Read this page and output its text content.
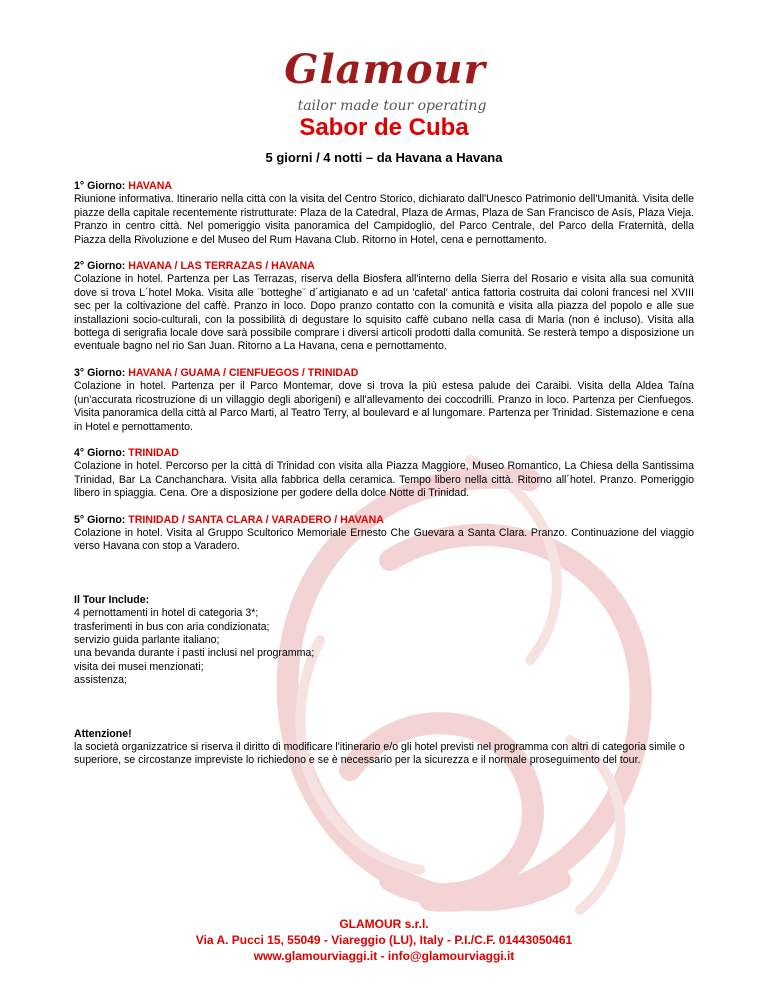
Glamour
tailor made tour operating
Sabor de Cuba
5 giorni / 4 notti – da Havana a Havana

1° Giorno: HAVANA

Riunione informativa. Itinerario nella città con la visita del Centro Storico, dichiarato dall'Unesco Patrimonio dell'Umanità. Visita delle piazze della capitale recentemente ristrutturate: Plaza de la Catedral, Plaza de Armas, Plaza de San Francisco de Asís, Plaza Vieja. Pranzo in centro città. Nel pomeriggio visita panoramica del Campidoglio, del Parco Centrale, del Parco della Fraternità, della Piazza della Rivoluzione e del Museo del Rum Havana Club. Ritorno in Hotel, cena e pernottamento.

2° Giorno: HAVANA / LAS TERRAZAS / HAVANA

Colazione in hotel. Partenza per Las Terrazas, riserva della Biosfera all'interno della Sierra del Rosario e visita alla sua comunità dove si trova L´hotel Moka. Visita alle ¨botteghe¨ d´artigianato e ad un 'cafetal' antica fattoria costruita dai coloni francesi nel XVIII sec per la coltivazione del caffè. Pranzo in loco. Dopo pranzo contatto con la comunità e visita alla piazza del popolo e alle sue installazioni socio-culturali, con la possibilità di degustare lo squisito caffè cubano nella casa di Maria (non é incluso). Visita alla bottega di serigrafia locale dove sarà possibile comprare i diversi articoli prodotti dalla comunità. Se resterà tempo a disposizione un eventuale bagno nel rio San Juan. Ritorno a La Havana, cena e pernottamento.

3° Giorno: HAVANA / GUAMA / CIENFUEGOS / TRINIDAD

Colazione in hotel. Partenza per il Parco Montemar, dove si trova la più estesa palude dei Caraibi. Visita della Aldea Taína (un'accurata ricostruzione di un villaggio degli aborigeni) e all'allevamento dei coccodrilli. Pranzo in loco. Partenza per Cienfuegos. Visita panoramica della città al Parco Marti, al Teatro Terry, al boulevard e al lungomare. Partenza per Trinidad. Sistemazione e cena in Hotel e pernottamento.

4° Giorno: TRINIDAD

Colazione in hotel. Percorso per la città di Trinidad con visita alla Piazza Maggiore, Museo Romantico, La Chiesa della Santissima Trinidad, Bar La Canchanchara. Visita alla fabbrica della ceramica. Tempo libero nella città. Ritorno all´hotel. Pranzo. Pomeriggio libero in spiaggia. Cena. Ore a disposizione per godere della dolce Notte di Trinidad.

5° Giorno: TRINIDAD / SANTA CLARA / VARADERO / HAVANA

Colazione in hotel. Visita al Gruppo Scultorico Memoriale Ernesto Che Guevara a Santa Clara. Pranzo. Continuazione del viaggio verso Havana con stop a Varadero.

Il Tour Include:

4 pernottamenti in hotel di categoria 3*;

trasferimenti in bus con aria condizionata;

servizio guida parlante italiano;

una bevanda durante i pasti inclusi nel programma;

visita dei musei menzionati;

assistenza;

Attenzione!

la società organizzatrice si riserva il diritto di modificare l'itinerario e/o gli hotel previsti nel programma con altri di categoria simile o superiore, se circostanze impreviste lo richiedono e se è necessario per la sicurezza e il normale proseguimento del tour.

GLAMOUR s.r.l.
Via A. Pucci 15, 55049 - Viareggio (LU), Italy - P.I./C.F. 01443050461
www.glamourviaggi.it - info@glamourviaggi.it
